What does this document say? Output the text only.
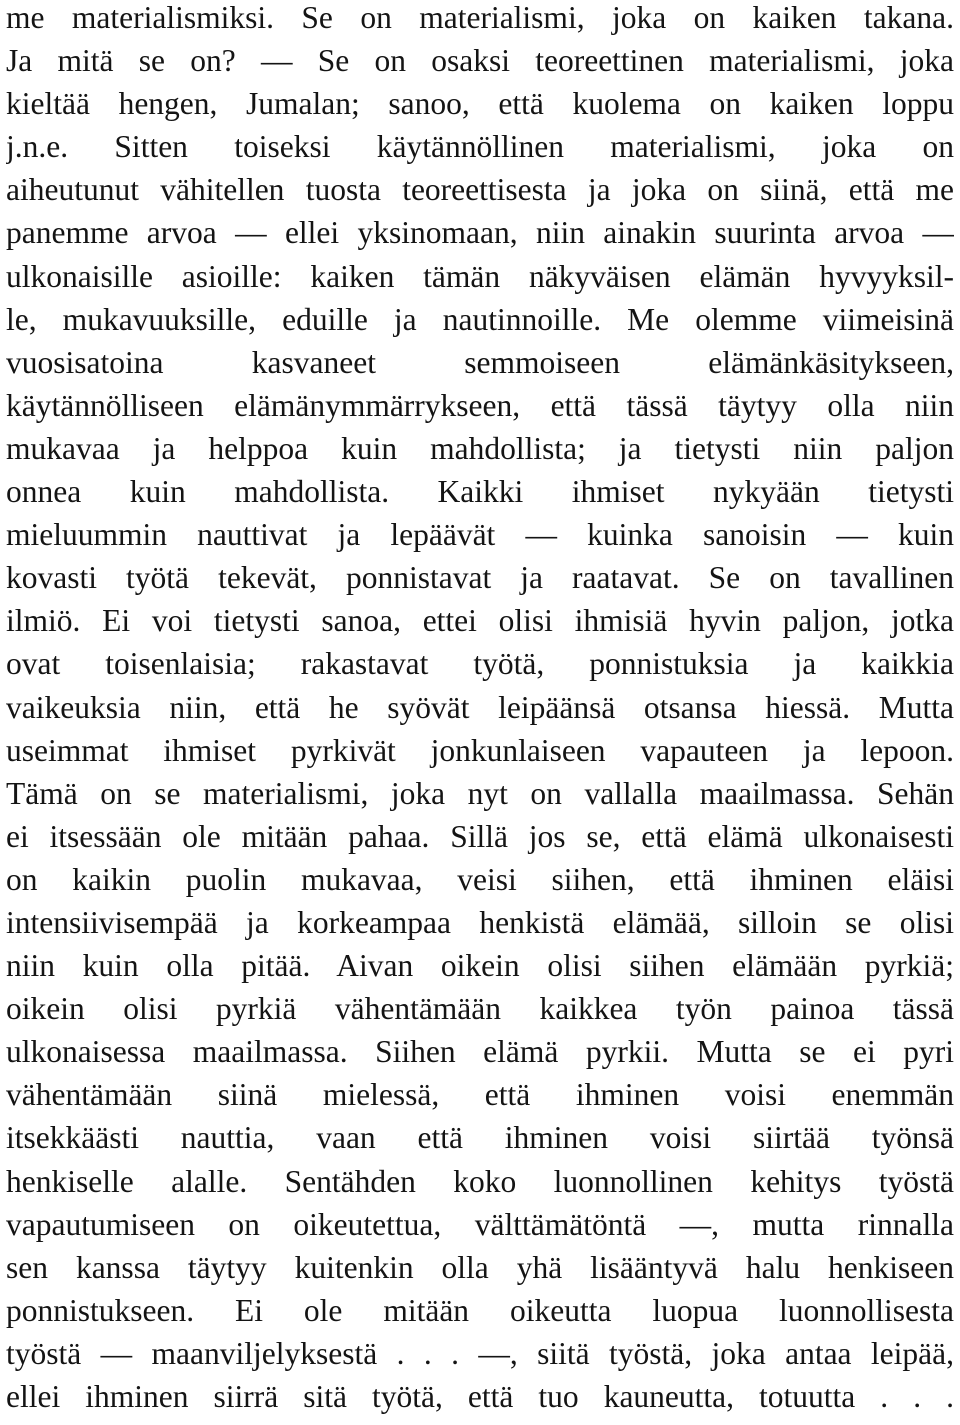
me materialismiksi. Se on materialismi, joka on kaiken takana.
Ja mitä se on? — Se on osaksi teoreettinen materialismi, joka
kieltää hengen, Jumalan; sanoo, että kuolema on kaiken loppu
j.n.e. Sitten toiseksi käytännöllinen materialismi, joka on
aiheutunut vähitellen tuosta teoreettisesta ja joka on siinä, että me
panemme arvoa — ellei yksinomaan, niin ainakin suurinta arvoa —
ulkonaisille asioille: kaiken tämän näkyväisen elämän hyvyyksil-
le, mukavuuksille, eduille ja nautinnoille. Me olemme viimeisinä
vuosisatoina kasvaneet semmoiseen elämänkäsitykseen,
käytännölliseen elämänymmärrykseen, että tässä täytyy olla niin
mukavaa ja helppoa kuin mahdollista; ja tietysti niin paljon
onnea kuin mahdollista. Kaikki ihmiset nykyään tietysti
mieluummin nauttivat ja lepäävät — kuinka sanoisin — kuin
kovasti työtä tekevät, ponnistavat ja raatavat. Se on tavallinen
ilmiö. Ei voi tietysti sanoa, ettei olisi ihmisiä hyvin paljon, jotka
ovat toisenlaisia; rakastavat työtä, ponnistuksia ja kaikkia
vaikeuksia niin, että he syövät leipäänsä otsansa hiessä. Mutta
useimmat ihmiset pyrkivät jonkunlaiseen vapauteen ja lepoon.
Tämä on se materialismi, joka nyt on vallalla maailmassa. Sehän
ei itsessään ole mitään pahaa. Sillä jos se, että elämä ulkonaisesti
on kaikin puolin mukavaa, veisi siihen, että ihminen eläisi
intensiivisempää ja korkeampaa henkistä elämää, silloin se olisi
niin kuin olla pitää. Aivan oikein olisi siihen elämään pyrkiä;
oikein olisi pyrkiä vähentämään kaikkea työn painoa tässä
ulkonaisessa maailmassa. Siihen elämä pyrkii. Mutta se ei pyri
vähentämään siinä mielessä, että ihminen voisi enemmän
itsekkäästi nauttia, vaan että ihminen voisi siirtää työnsä
henkiselle alalle. Sentähden koko luonnollinen kehitys työstä
vapautumiseen on oikeutettua, välttämätöntä —, mutta rinnalla
sen kanssa täytyy kuitenkin olla yhä lisääntyvä halu henkiseen
ponnistukseen. Ei ole mitään oikeutta luopua luonnollisesta
työstä — maanviljelyksestä . . . —, siitä työstä, joka antaa leipää,
ellei ihminen siirrä sitä työtä, että tuo kauneutta, totuutta . . .
